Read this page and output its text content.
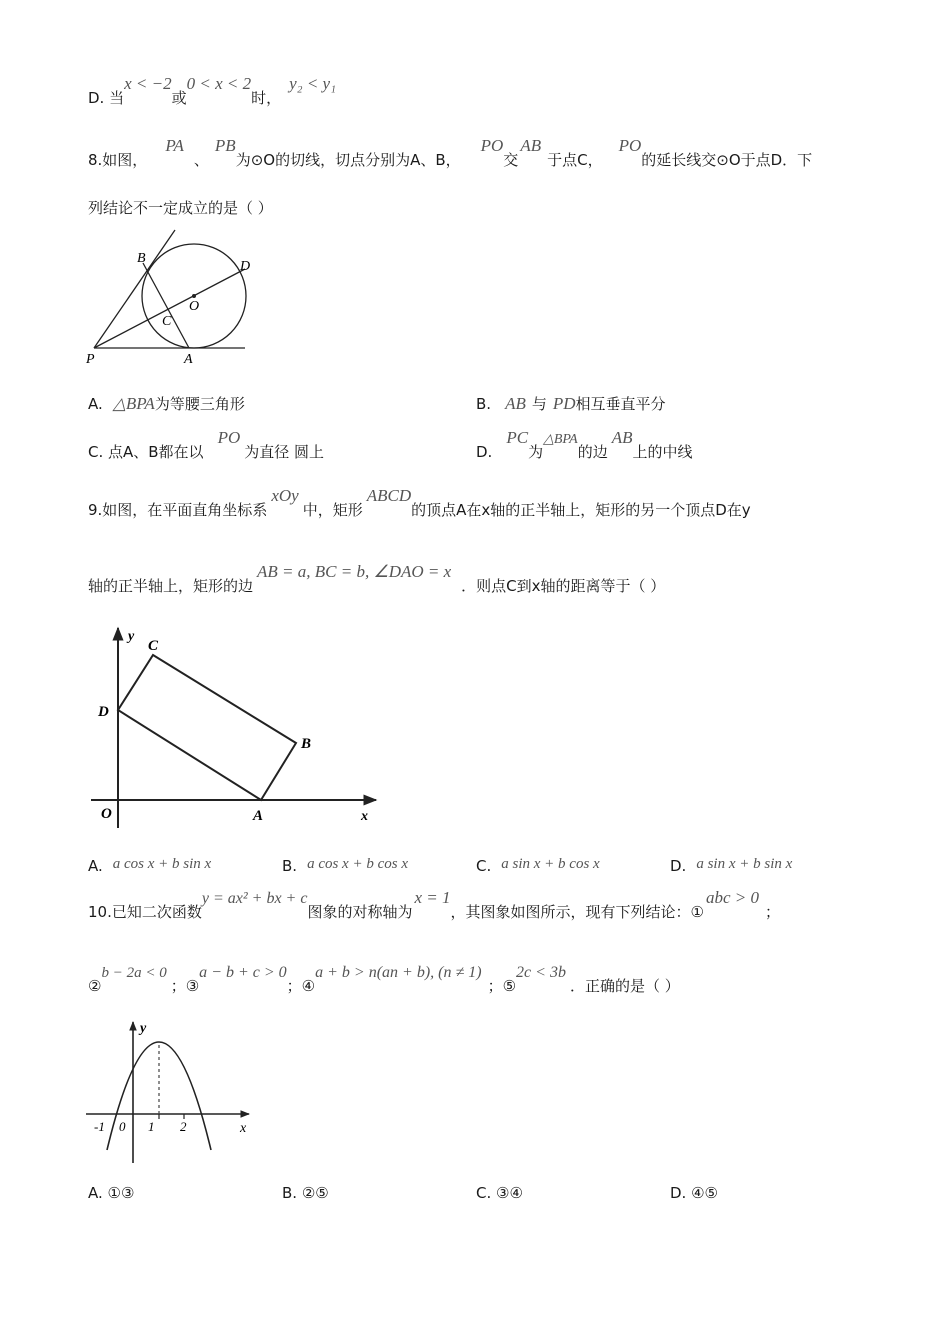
D. 当x < −2或0 < x < 2时，y₂ < y₁
8.如图，PA、PB为⊙O的切线，切点分别为A、B，PO交AB于点C，PO的延长线交⊙O于点D．下
列结论不一定成立的是（ ）
B
D
O
C
P	A
A. △BPA为等腰三角形	B. AB 与 PD相互垂直平分
C. 点A、B都在以PO为直径 圆上	D.PC为△BPA的边AB上的中线
9.如图，在平面直角坐标系xOy中，矩形ABCD的顶点A在x轴的正半轴上，矩形的另一个顶点D在y
轴的正半轴上，矩形的边AB = a, BC = b, ∠DAO = x．则点C到x轴的距离等于（ ）
y
C
D
B
O	A	x
A. a cos x + b sin x	B. a cos x + b cos x	C. a sin x + b cos x	D. a sin x + b sin x
10.已知二次函数y = ax² + bx + c图象的对称轴为x = 1，其图象如图所示，现有下列结论：①abc > 0；
②b − 2a < 0；③a − b + c > 0；④a + b > n(an + b), (n ≠ 1)；⑤2c < 3b．正确的是（ ）
y
x
-1 0 1 2
A. ①③	B. ②⑤	C. ③④	D. ④⑤
